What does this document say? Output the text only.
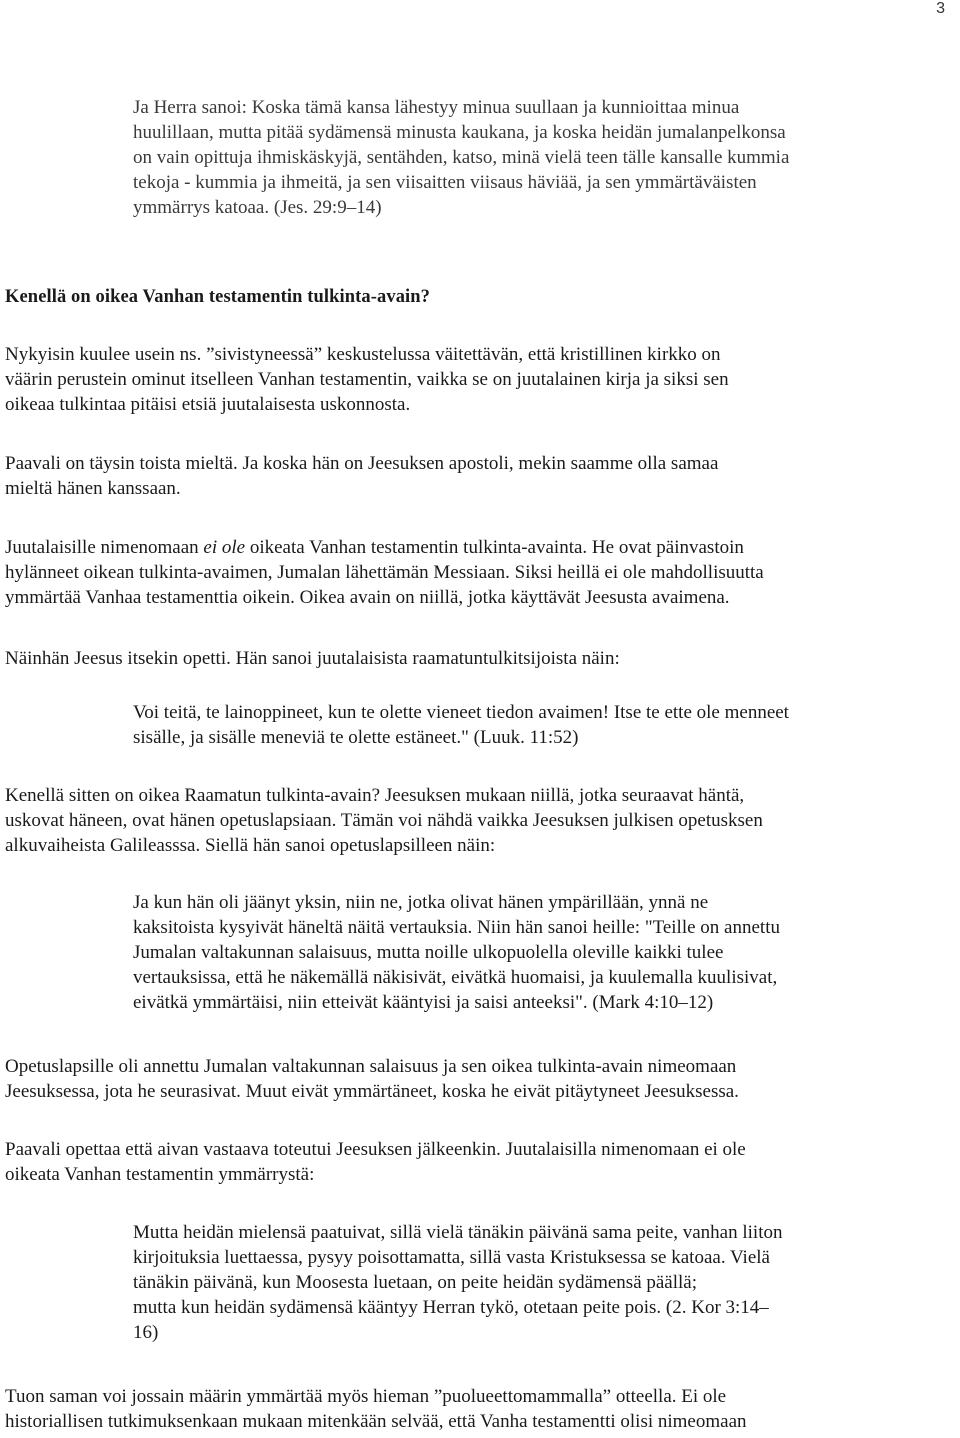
3
Ja Herra sanoi: Koska tämä kansa lähestyy minua suullaan ja kunnioittaa minua
huulillaan, mutta pitää sydämensä minusta kaukana, ja koska heidän jumalanpelkonsa
on vain opittuja ihmiskäskyjä, sentähden, katso, minä vielä teen tälle kansalle kummia
tekoja - kummia ja ihmeitä, ja sen viisaitten viisaus häviää, ja sen ymmärtäväisten
ymmärrys katoaa. (Jes. 29:9–14)
Kenellä on oikea Vanhan testamentin tulkinta-avain?
Nykyisin kuulee usein ns. ”sivistyneessä” keskustelussa väitettävän, että kristillinen kirkko on
väärin perustein ominut itselleen Vanhan testamentin, vaikka se on juutalainen kirja ja siksi sen
oikeaa tulkintaa pitäisi etsiä juutalaisesta uskonnosta.
Paavali on täysin toista mieltä. Ja koska hän on Jeesuksen apostoli, mekin saamme olla samaa
mieltä hänen kanssaan.
Juutalaisille nimenomaan ei ole oikeata Vanhan testamentin tulkinta-avainta. He ovat päinvastoin
hylänneet oikean tulkinta-avaimen, Jumalan lähettämän Messiaan. Siksi heillä ei ole mahdollisuutta
ymmärtää Vanhaa testamenttia oikein. Oikea avain on niillä, jotka käyttävät Jeesusta avaimena.
Näinhän Jeesus itsekin opetti. Hän sanoi juutalaisista raamatuntulkitsijoista näin:
Voi teitä, te lainoppineet, kun te olette vieneet tiedon avaimen! Itse te ette ole menneet
sisälle, ja sisälle meneviä te olette estäneet." (Luuk. 11:52)
Kenellä sitten on oikea Raamatun tulkinta-avain? Jeesuksen mukaan niillä, jotka seuraavat häntä,
uskovat häneen, ovat hänen opetuslapsiaan. Tämän voi nähdä vaikka Jeesuksen julkisen opetusksen
alkuvaiheista Galileasssa. Siellä hän sanoi opetuslapsilleen näin:
Ja kun hän oli jäänyt yksin, niin ne, jotka olivat hänen ympärillään, ynnä ne
kaksitoista kysyivät häneltä näitä vertauksia. Niin hän sanoi heille: "Teille on annettu
Jumalan valtakunnan salaisuus, mutta noille ulkopuolella oleville kaikki tulee
vertauksissa, että he näkemällä näkisivät, eivätkä huomaisi, ja kuulemalla kuulisivat,
eivätkä ymmärtäisi, niin etteivät kääntyisi ja saisi anteeksi". (Mark 4:10–12)
Opetuslapsille oli annettu Jumalan valtakunnan salaisuus ja sen oikea tulkinta-avain nimeomaan
Jeesuksessa, jota he seurasivat. Muut eivät ymmärtäneet, koska he eivät pitäytyneet Jeesuksessa.
Paavali opettaa että aivan vastaava toteutui Jeesuksen jälkeenkin. Juutalaisilla nimenomaan ei ole
oikeata Vanhan testamentin ymmärrystä:
Mutta heidän mielensä paatuivat, sillä vielä tänäkin päivänä sama peite, vanhan liiton
kirjoituksia luettaessa, pysyy poisottamatta, sillä vasta Kristuksessa se katoaa. Vielä
tänäkin päivänä, kun Moosesta luetaan, on peite heidän sydämensä päällä;
mutta kun heidän sydämensä kääntyy Herran tykö, otetaan peite pois. (2. Kor 3:14–
16)
Tuon saman voi jossain määrin ymmärtää myös hieman ”puolueettomammalla” otteella. Ei ole
historiallisen tutkimuksenkaan mukaan mitenkään selvää, että Vanha testamentti olisi nimeomaan
